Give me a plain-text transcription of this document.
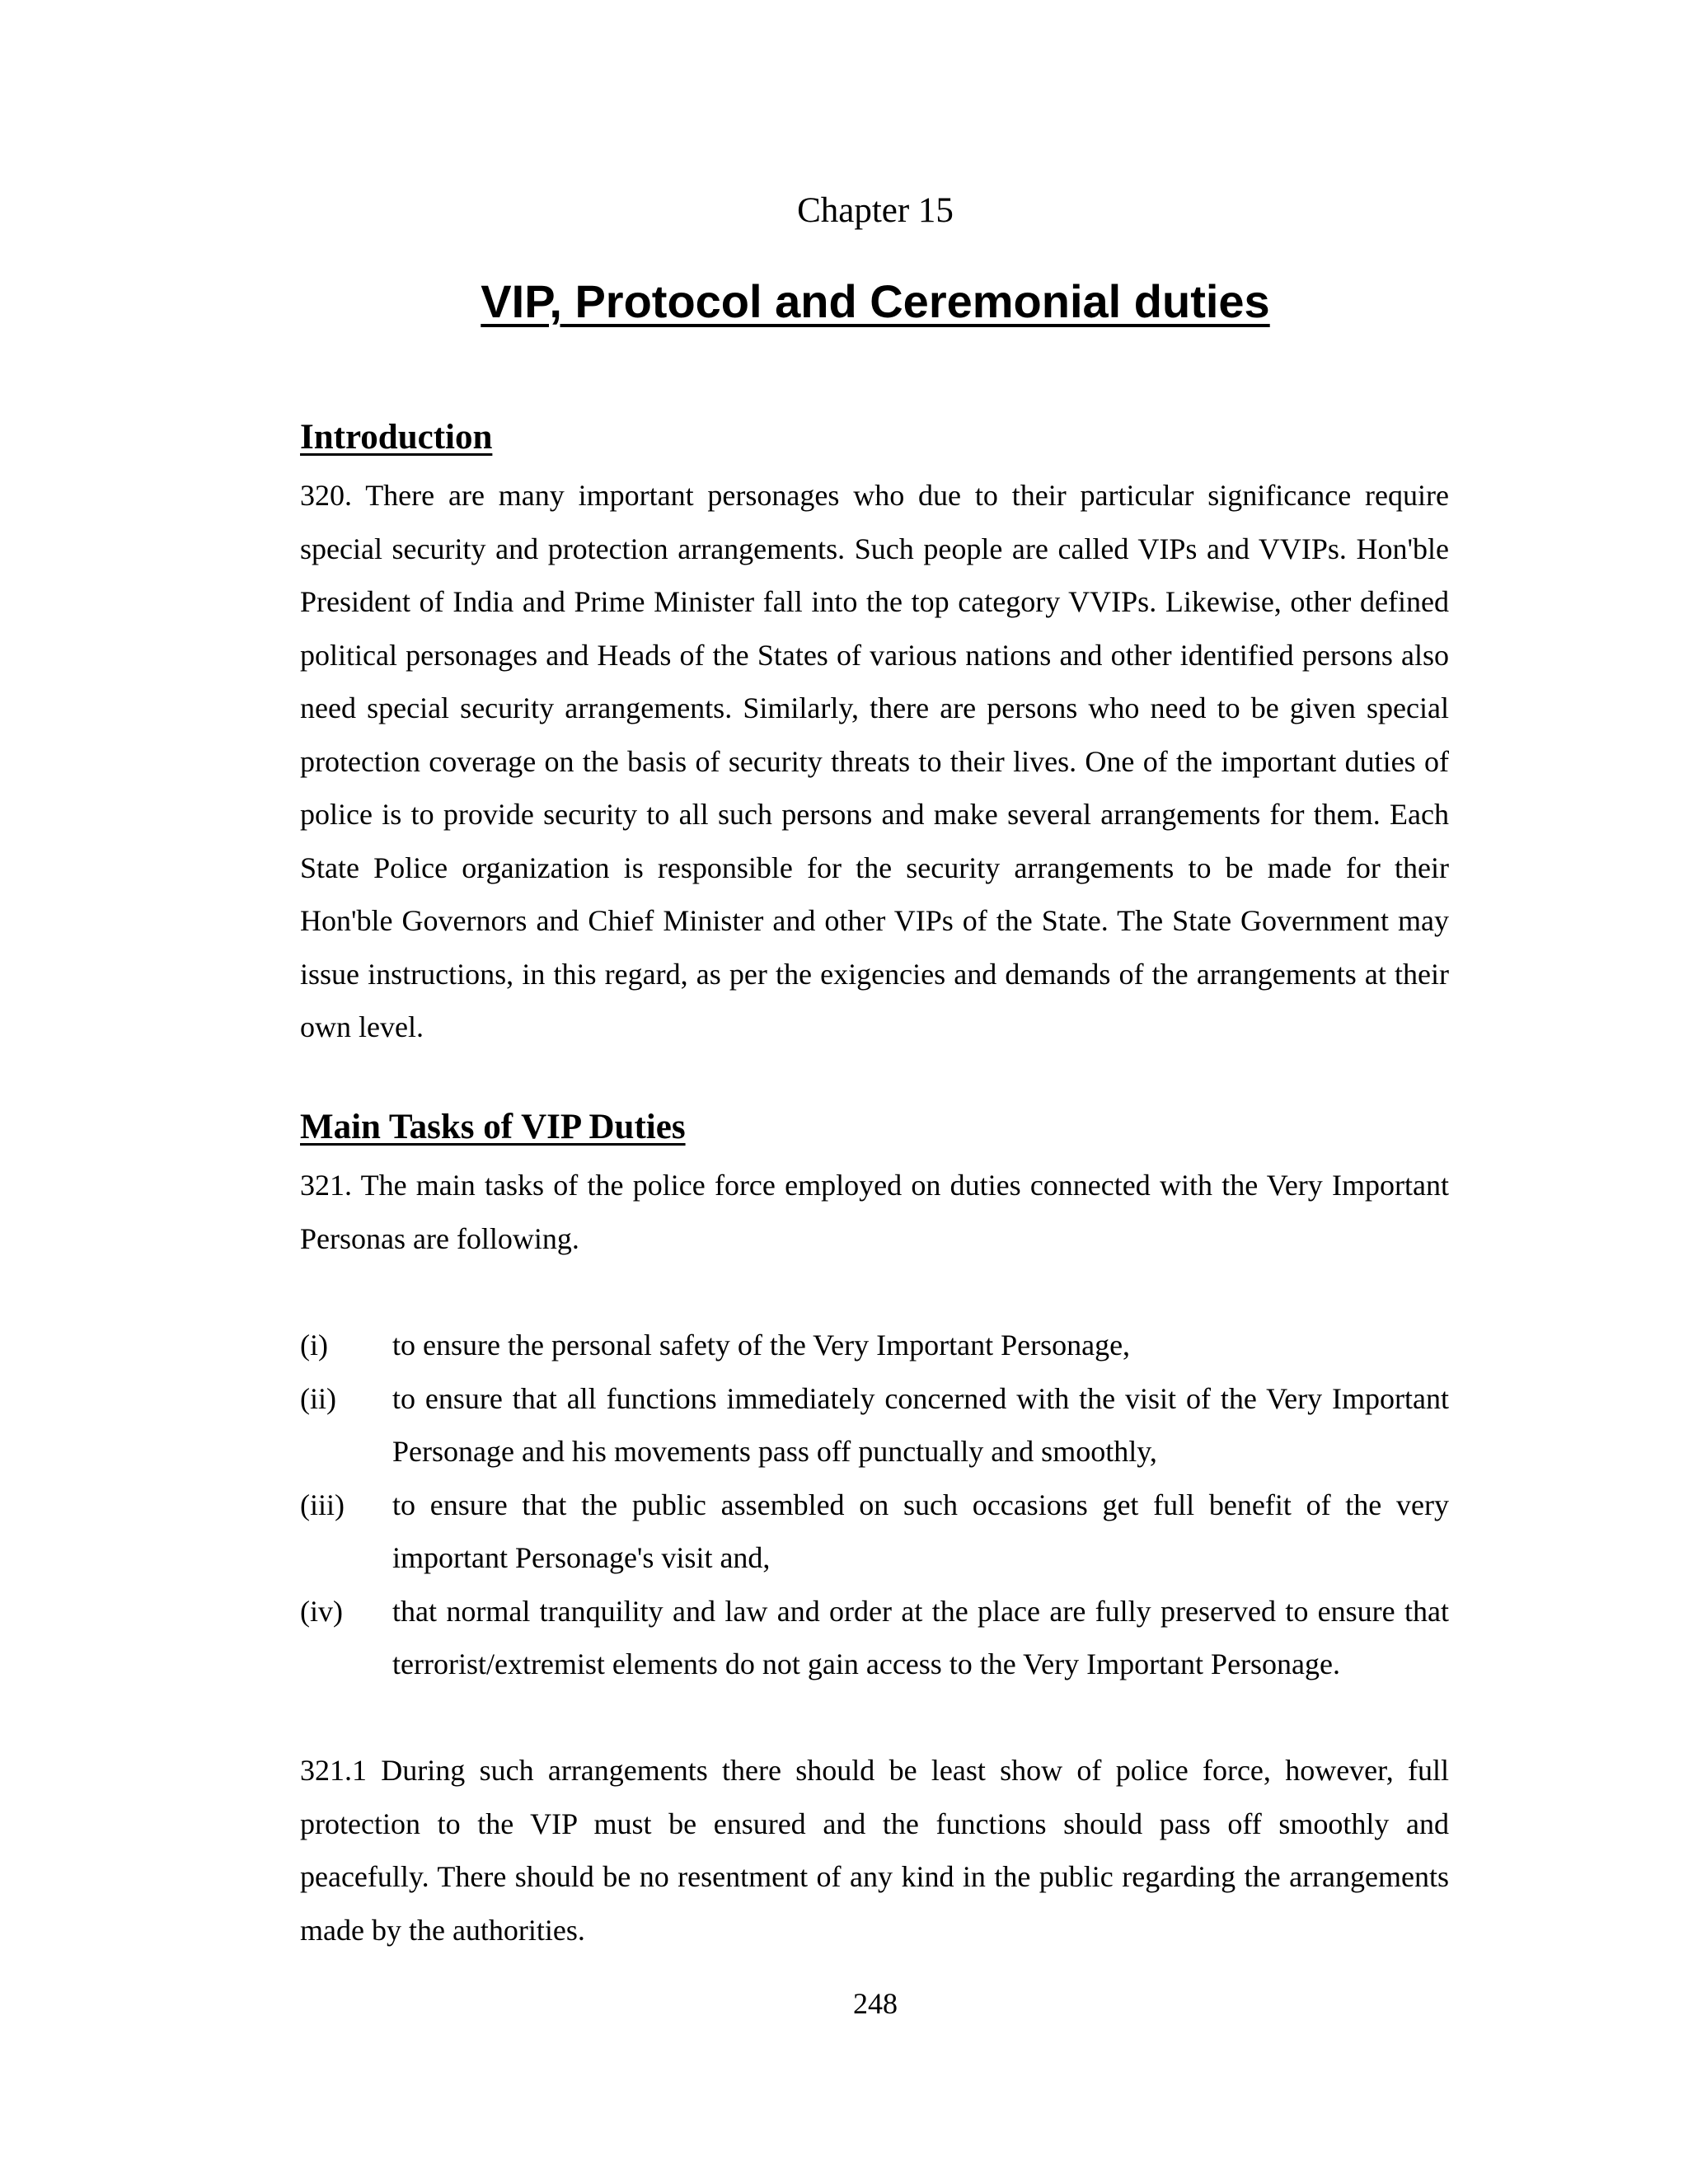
Chapter 15

VIP, Protocol and Ceremonial duties
Introduction

320. There are many important personages who due to their particular significance require special security and protection arrangements. Such people are called VIPs and VVIPs. Hon'ble President of India and Prime Minister fall into the top category VVIPs. Likewise, other defined political personages and Heads of the States of various nations and other identified persons also need special security arrangements. Similarly, there are persons who need to be given special protection coverage on the basis of security threats to their lives. One of the important duties of police is to provide security to all such persons and make several arrangements for them. Each State Police organization is responsible for the security arrangements to be made for their Hon'ble Governors and Chief Minister and other VIPs of the State. The State Government may issue instructions, in this regard, as per the exigencies and demands of the arrangements at their own level.

Main Tasks of VIP Duties

321. The main tasks of the police force employed on duties connected with the Very Important Personas are following.

(i) to ensure the personal safety of the Very Important Personage,
(ii) to ensure that all functions immediately concerned with the visit of the Very Important Personage and his movements pass off punctually and smoothly,
(iii) to ensure that the public assembled on such occasions get full benefit of the very important Personage's visit and,
(iv) that normal tranquility and law and order at the place are fully preserved to ensure that terrorist/extremist elements do not gain access to the Very Important Personage.

321.1 During such arrangements there should be least show of police force, however, full protection to the VIP must be ensured and the functions should pass off smoothly and peacefully. There should be no resentment of any kind in the public regarding the arrangements made by the authorities.

248
